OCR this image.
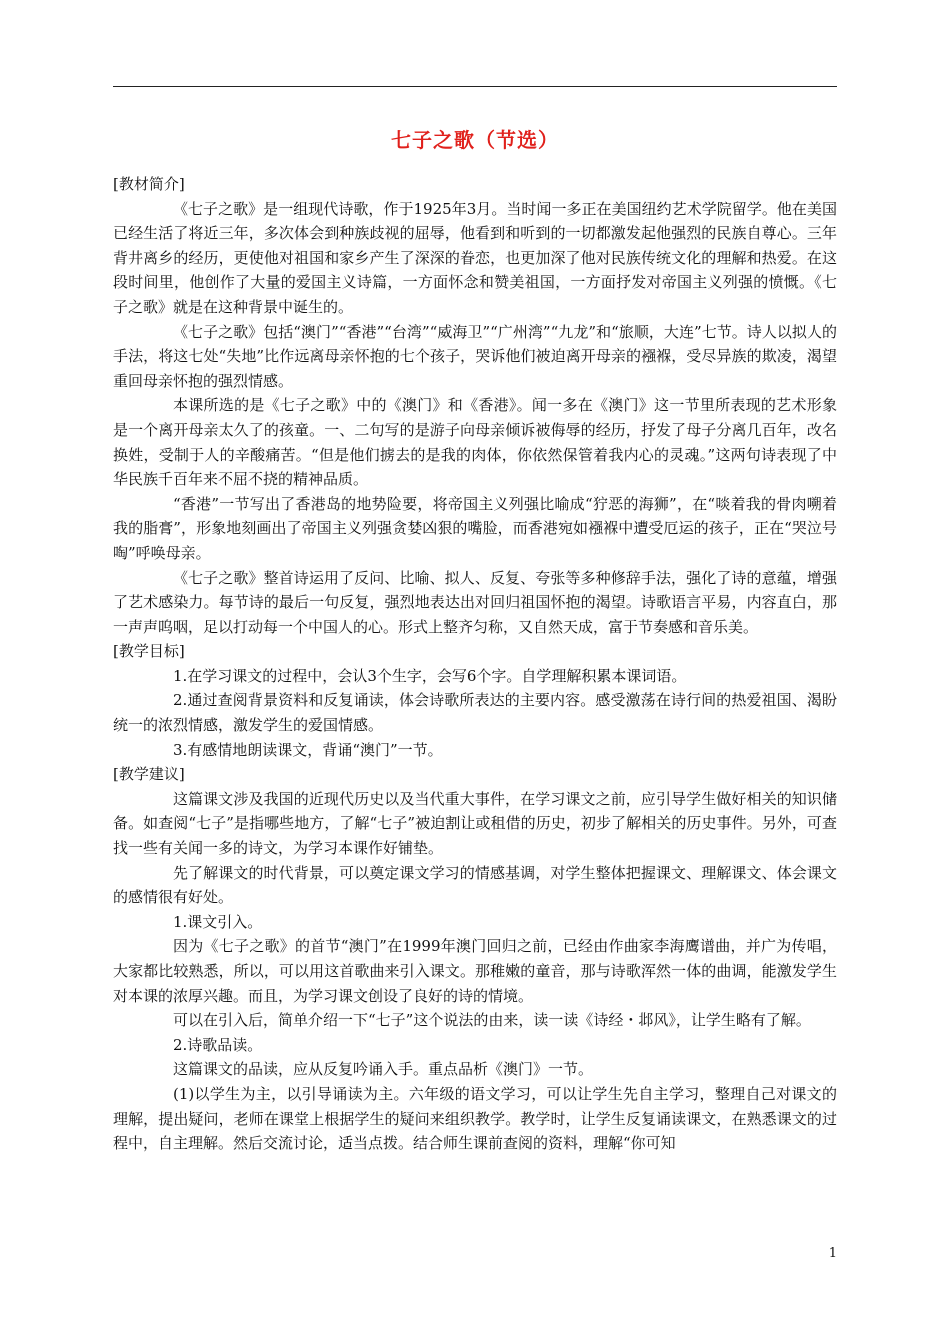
七子之歌（节选）

[教材简介]

《七子之歌》是一组现代诗歌，作于1925年3月。当时闻一多正在美国纽约艺术学院留学。他在美国已经生活了将近三年，多次体会到种族歧视的屈辱，他看到和听到的一切都激发起他强烈的民族自尊心。三年背井离乡的经历，更使他对祖国和家乡产生了深深的眷恋，也更加深了他对民族传统文化的理解和热爱。在这段时间里，他创作了大量的爱国主义诗篇，一方面怀念和赞美祖国，一方面抒发对帝国主义列强的愤慨。《七子之歌》就是在这种背景中诞生的。

《七子之歌》包括“澳门”“香港”“台湾”“威海卫”“广州湾”“九龙”和“旅顺，大连”七节。诗人以拟人的手法，将这七处“失地”比作远离母亲怀抱的七个孩子，哭诉他们被迫离开母亲的襁褓，受尽异族的欺凌，渴望重回母亲怀抱的强烈情感。

本课所选的是《七子之歌》中的《澳门》和《香港》。闻一多在《澳门》这一节里所表现的艺术形象是一个离开母亲太久了的孩童。一、二句写的是游子向母亲倾诉被侮辱的经历，抒发了母子分离几百年，改名换姓，受制于人的辛酸痛苦。“但是他们掳去的是我的肉体，你依然保管着我内心的灵魂。”这两句诗表现了中华民族千百年来不屈不挠的精神品质。

“香港”一节写出了香港岛的地势险要，将帝国主义列强比喻成“狞恶的海狮”，在“啖着我的骨肉嗍着我的脂膏”，形象地刻画出了帝国主义列强贪婪凶狠的嘴脸，而香港宛如襁褓中遭受厄运的孩子，正在“哭泣号啕”呼唤母亲。

《七子之歌》整首诗运用了反问、比喻、拟人、反复、夸张等多种修辞手法，强化了诗的意蕴，增强了艺术感染力。每节诗的最后一句反复，强烈地表达出对回归祖国怀抱的渴望。诗歌语言平易，内容直白，那一声声呜咽，足以打动每一个中国人的心。形式上整齐匀称，又自然天成，富于节奏感和音乐美。

[教学目标]

1.在学习课文的过程中，会认3个生字，会写6个字。自学理解积累本课词语。

2.通过查阅背景资料和反复诵读，体会诗歌所表达的主要内容。感受激荡在诗行间的热爱祖国、渴盼统一的浓烈情感，激发学生的爱国情感。

3.有感情地朗读课文，背诵“澳门”一节。

[教学建议]

这篇课文涉及我国的近现代历史以及当代重大事件，在学习课文之前，应引导学生做好相关的知识储备。如查阅“七子”是指哪些地方，了解“七子”被迫割让或租借的历史，初步了解相关的历史事件。另外，可查找一些有关闻一多的诗文，为学习本课作好铺垫。

先了解课文的时代背景，可以奠定课文学习的情感基调，对学生整体把握课文、理解课文、体会课文的感情很有好处。

1.课文引入。

因为《七子之歌》的首节“澳门”在1999年澳门回归之前，已经由作曲家李海鹰谱曲，并广为传唱，大家都比较熟悉，所以，可以用这首歌曲来引入课文。那稚嫩的童音，那与诗歌浑然一体的曲调，能激发学生对本课的浓厚兴趣。而且，为学习课文创设了良好的诗的情境。

可以在引入后，简单介绍一下“七子”这个说法的由来，读一读《诗经・邶风》，让学生略有了解。

2.诗歌品读。

这篇课文的品读，应从反复吟诵入手。重点品析《澳门》一节。

(1)以学生为主，以引导诵读为主。六年级的语文学习，可以让学生先自主学习，整理自己对课文的理解，提出疑问，老师在课堂上根据学生的疑问来组织教学。教学时，让学生反复诵读课文，在熟悉课文的过程中，自主理解。然后交流讨论，适当点拨。结合师生课前查阅的资料，理解“你可知

1
